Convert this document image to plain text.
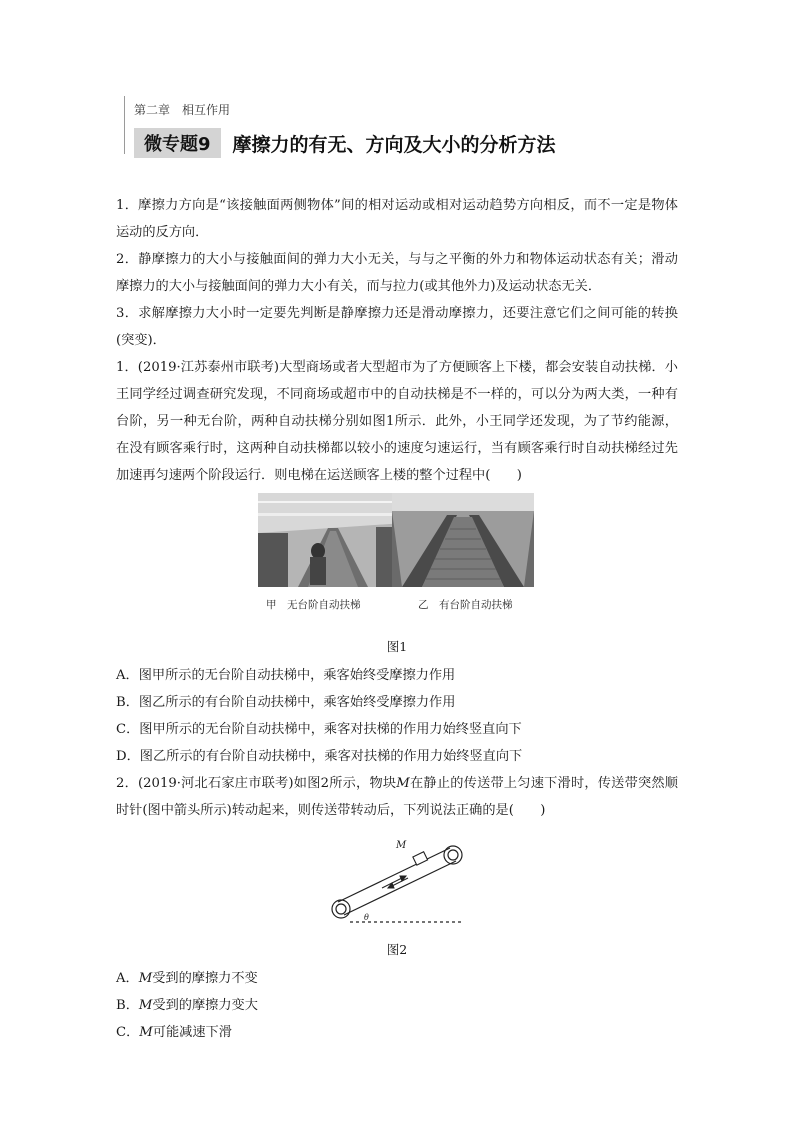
第二章　相互作用
微专题9	摩擦力的有无、方向及大小的分析方法

1．摩擦力方向是“该接触面两侧物体”间的相对运动或相对运动趋势方向相反，而不一定是物体运动的反方向．

2．静摩擦力的大小与接触面间的弹力大小无关，与与之平衡的外力和物体运动状态有关；滑动摩擦力的大小与接触面间的弹力大小有关，而与拉力(或其他外力)及运动状态无关．

3．求解摩擦力大小时一定要先判断是静摩擦力还是滑动摩擦力，还要注意它们之间可能的转换(突变)．

1．(2019·江苏泰州市联考)大型商场或者大型超市为了方便顾客上下楼，都会安装自动扶梯．小王同学经过调查研究发现，不同商场或超市中的自动扶梯是不一样的，可以分为两大类，一种有台阶，另一种无台阶，两种自动扶梯分别如图1所示．此外，小王同学还发现，为了节约能源，在没有顾客乘行时，这两种自动扶梯都以较小的速度匀速运行，当有顾客乘行时自动扶梯经过先加速再匀速两个阶段运行．则电梯在运送顾客上楼的整个过程中(　　)

甲　无台阶自动扶梯	乙　有台阶自动扶梯
图1

A．图甲所示的无台阶自动扶梯中，乘客始终受摩擦力作用

B．图乙所示的有台阶自动扶梯中，乘客始终受摩擦力作用

C．图甲所示的无台阶自动扶梯中，乘客对扶梯的作用力始终竖直向下

D．图乙所示的有台阶自动扶梯中，乘客对扶梯的作用力始终竖直向下

2．(2019·河北石家庄市联考)如图2所示，物块M在静止的传送带上匀速下滑时，传送带突然顺时针(图中箭头所示)转动起来，则传送带转动后，下列说法正确的是(　　)

M
θ
图2

A．M受到的摩擦力不变

B．M受到的摩擦力变大

C．M可能减速下滑
